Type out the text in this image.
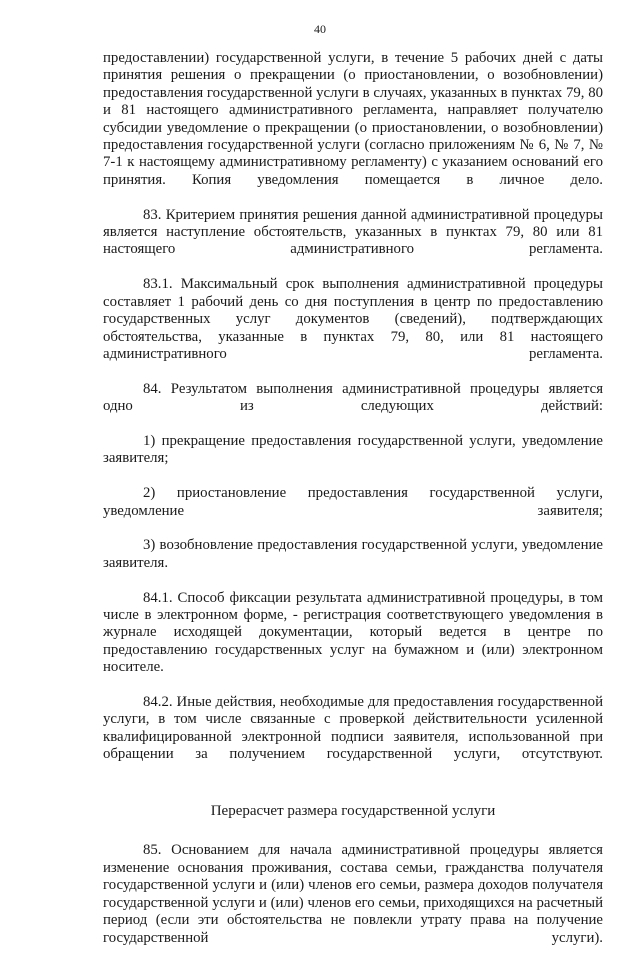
40

предоставлении) государственной услуги, в течение 5 рабочих дней с даты принятия решения о прекращении (о приостановлении, о возобновлении) предоставления государственной услуги в случаях, указанных в пунктах 79, 80 и 81 настоящего административного регламента, направляет получателю субсидии уведомление о прекращении (о приостановлении, о возобновлении) предоставления государственной услуги (согласно приложениям № 6, № 7, № 7-1 к настоящему административному регламенту) с указанием оснований его принятия. Копия уведомления помещается в личное дело.

83. Критерием принятия решения данной административной процедуры является наступление обстоятельств, указанных в пунктах 79, 80 или 81 настоящего административного регламента.

83.1. Максимальный срок выполнения административной процедуры составляет 1 рабочий день со дня поступления в центр по предоставлению государственных услуг документов (сведений), подтверждающих обстоятельства, указанные в пунктах 79, 80, или 81 настоящего административного регламента.

84. Результатом выполнения административной процедуры является одно из следующих действий:

1) прекращение предоставления государственной услуги, уведомление заявителя;

2) приостановление предоставления государственной услуги, уведомление заявителя;

3) возобновление предоставления государственной услуги, уведомление заявителя.

84.1. Способ фиксации результата административной процедуры, в том числе в электронном форме, - регистрация соответствующего уведомления в журнале исходящей документации, который ведется в центре по предоставлению государственных услуг на бумажном и (или) электронном носителе.

84.2. Иные действия, необходимые для предоставления государственной услуги, в том числе связанные с проверкой действительности усиленной квалифицированной электронной подписи заявителя, использованной при обращении за получением государственной услуги, отсутствуют.

Перерасчет размера государственной услуги

85. Основанием для начала административной процедуры является изменение основания проживания, состава семьи, гражданства получателя государственной услуги и (или) членов его семьи, размера доходов получателя государственной услуги и (или) членов его семьи, приходящихся на расчетный период (если эти обстоятельства не повлекли утрату права на получение государственной услуги).
